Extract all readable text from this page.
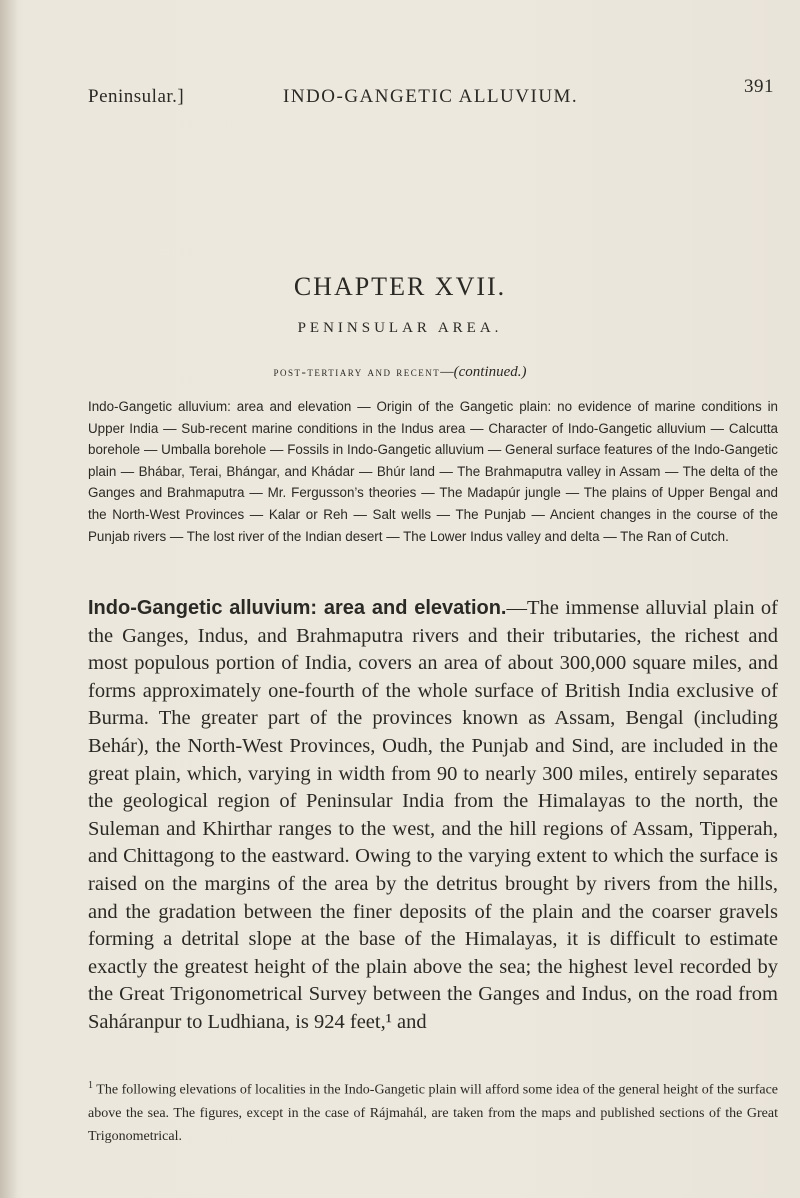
Peninsular.]	INDO-GANGETIC ALLUVIUM.	391
CHAPTER XVII.
PENINSULAR AREA.
post-tertiary and recent—(continued.)
Indo-Gangetic alluvium: area and elevation — Origin of the Gangetic plain: no evidence of marine conditions in Upper India — Sub-recent marine conditions in the Indus area — Character of Indo-Gangetic alluvium — Calcutta borehole — Umballa borehole — Fossils in Indo-Gangetic alluvium — General surface features of the Indo-Gangetic plain — Bhábar, Terai, Bhángar, and Khádar — Bhúr land — The Brahmaputra valley in Assam — The delta of the Ganges and Brahmaputra — Mr. Fergusson’s theories — The Madapúr jungle — The plains of Upper Bengal and the North-West Provinces — Kalar or Reh — Salt wells — The Punjab — Ancient changes in the course of the Punjab rivers — The lost river of the Indian desert — The Lower Indus valley and delta — The Ran of Cutch.
Indo-Gangetic alluvium: area and elevation.—The immense alluvial plain of the Ganges, Indus, and Brahmaputra rivers and their tributaries, the richest and most populous portion of India, covers an area of about 300,000 square miles, and forms approximately one-fourth of the whole surface of British India exclusive of Burma. The greater part of the provinces known as Assam, Bengal (including Behár), the North-West Provinces, Oudh, the Punjab and Sind, are included in the great plain, which, varying in width from 90 to nearly 300 miles, entirely separates the geological region of Peninsular India from the Himalayas to the north, the Suleman and Khirthar ranges to the west, and the hill regions of Assam, Tipperah, and Chittagong to the eastward. Owing to the varying extent to which the surface is raised on the margins of the area by the detritus brought by rivers from the hills, and the gradation between the finer deposits of the plain and the coarser gravels forming a detrital slope at the base of the Himalayas, it is difficult to estimate exactly the greatest height of the plain above the sea; the highest level recorded by the Great Trigonometrical Survey between the Ganges and Indus, on the road from Saháranpur to Ludhiana, is 924 feet,¹ and
$^1$ The following elevations of localities in the Indo-Gangetic plain will afford some idea of the general height of the surface above the sea. The figures, except in the case of Rájmahál, are taken from the maps and published sections of the Great Trigonometrical.
